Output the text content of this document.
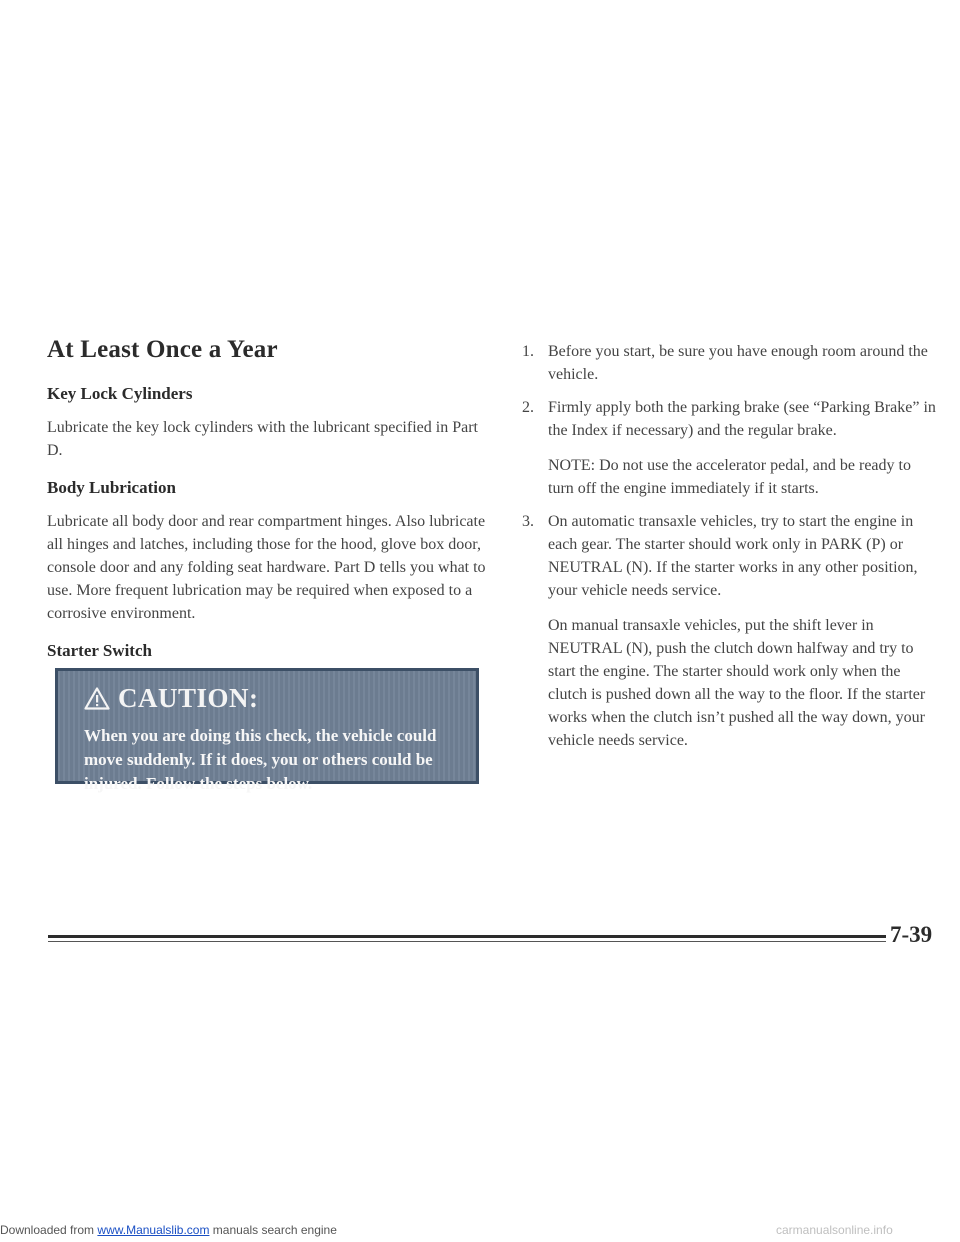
At Least Once a Year
Key Lock Cylinders

Lubricate the key lock cylinders with the lubricant specified in Part D.

Body Lubrication

Lubricate all body door and rear compartment hinges. Also lubricate all hinges and latches, including those for the hood, glove box door, console door and any folding seat hardware. Part D tells you what to use. More frequent lubrication may be required when exposed to a corrosive environment.

Starter Switch
CAUTION:

When you are doing this check, the vehicle could move suddenly. If it does, you or others could be injured. Follow the steps below.

1. Before you start, be sure you have enough room around the vehicle.

2. Firmly apply both the parking brake (see “Parking Brake” in the Index if necessary) and the regular brake.

NOTE: Do not use the accelerator pedal, and be ready to turn off the engine immediately if it starts.

3. On automatic transaxle vehicles, try to start the engine in each gear. The starter should work only in PARK (P) or NEUTRAL (N). If the starter works in any other position, your vehicle needs service.

On manual transaxle vehicles, put the shift lever in NEUTRAL (N), push the clutch down halfway and try to start the engine. The starter should work only when the clutch is pushed down all the way to the floor. If the starter works when the clutch isn’t pushed all the way down, your vehicle needs service.

7-39
Downloaded from www.Manualslib.com manuals search engine	carmanualsonline.info
